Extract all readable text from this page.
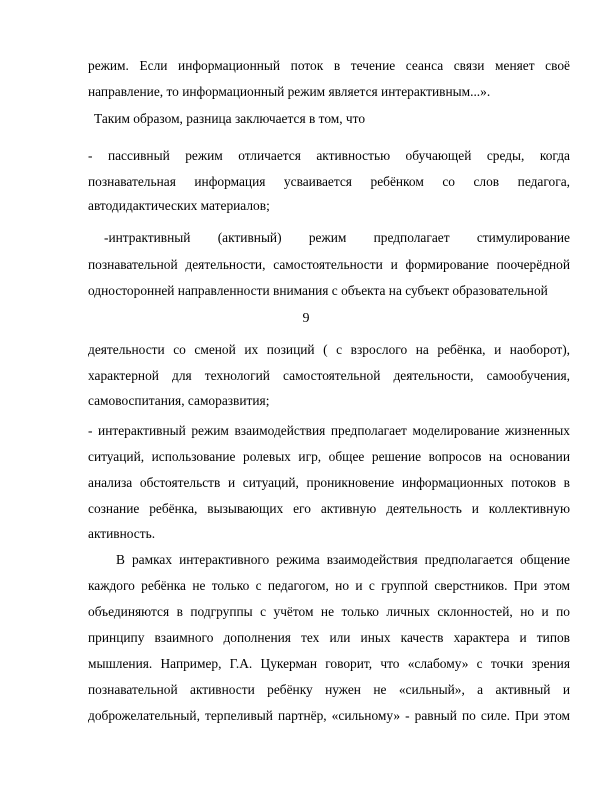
режим. Если информационный поток в течение сеанса связи меняет своё
направление, то информационный режим является интерактивным...».
Таким образом, разница заключается в том, что
- пассивный режим отличается активностью обучающей среды, когда
познавательная информация усваивается ребёнком со слов педагога,
автодидактических материалов;
-интрактивный (активный) режим предполагает стимулирование
познавательной деятельности, самостоятельности и формирование поочерёдной
односторонней направленности внимания с объекта на субъект образовательной
9
деятельности со сменой их позиций ( с взрослого на ребёнка, и наоборот),
характерной для технологий самостоятельной деятельности, самообучения,
самовоспитания, саморазвития;
- интерактивный режим взаимодействия предполагает моделирование жизненных
ситуаций, использование ролевых игр, общее решение вопросов на основании
анализа обстоятельств и ситуаций, проникновение информационных потоков в
сознание ребёнка, вызывающих его активную деятельность и коллективную
активность.
В рамках интерактивного режима взаимодействия предполагается общение
каждого ребёнка не только с педагогом, но и с группой сверстников. При этом
объединяются в подгруппы с учётом не только личных склонностей, но и по
принципу взаимного дополнения тех или иных качеств характера и типов
мышления. Например, Г.А. Цукерман говорит, что «слабому» с точки зрения
познавательной активности ребёнку нужен не «сильный», а активный и
доброжелательный, терпеливый партнёр, «сильному» - равный по силе. При этом
